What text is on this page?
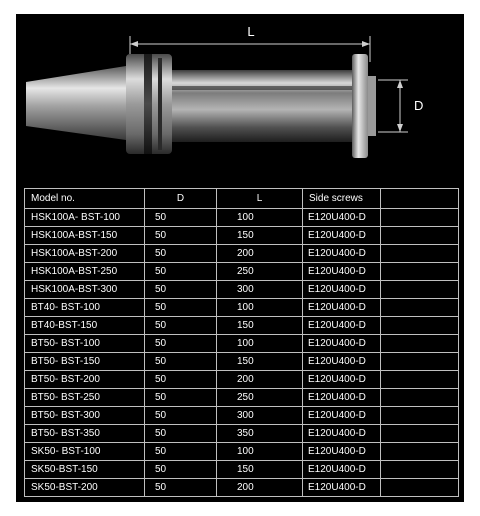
L
D
Model no.	D	L	Side screws	
HSK100A- BST-100	50	100	E120U400-D	
HSK100A-BST-150	50	150	E120U400-D	
HSK100A-BST-200	50	200	E120U400-D	
HSK100A-BST-250	50	250	E120U400-D	
HSK100A-BST-300	50	300	E120U400-D	
BT40- BST-100	50	100	E120U400-D	
BT40-BST-150	50	150	E120U400-D	
BT50- BST-100	50	100	E120U400-D	
BT50- BST-150	50	150	E120U400-D	
BT50- BST-200	50	200	E120U400-D	
BT50- BST-250	50	250	E120U400-D	
BT50- BST-300	50	300	E120U400-D	
BT50- BST-350	50	350	E120U400-D	
SK50- BST-100	50	100	E120U400-D	
SK50-BST-150	50	150	E120U400-D	
SK50-BST-200	50	200	E120U400-D	
